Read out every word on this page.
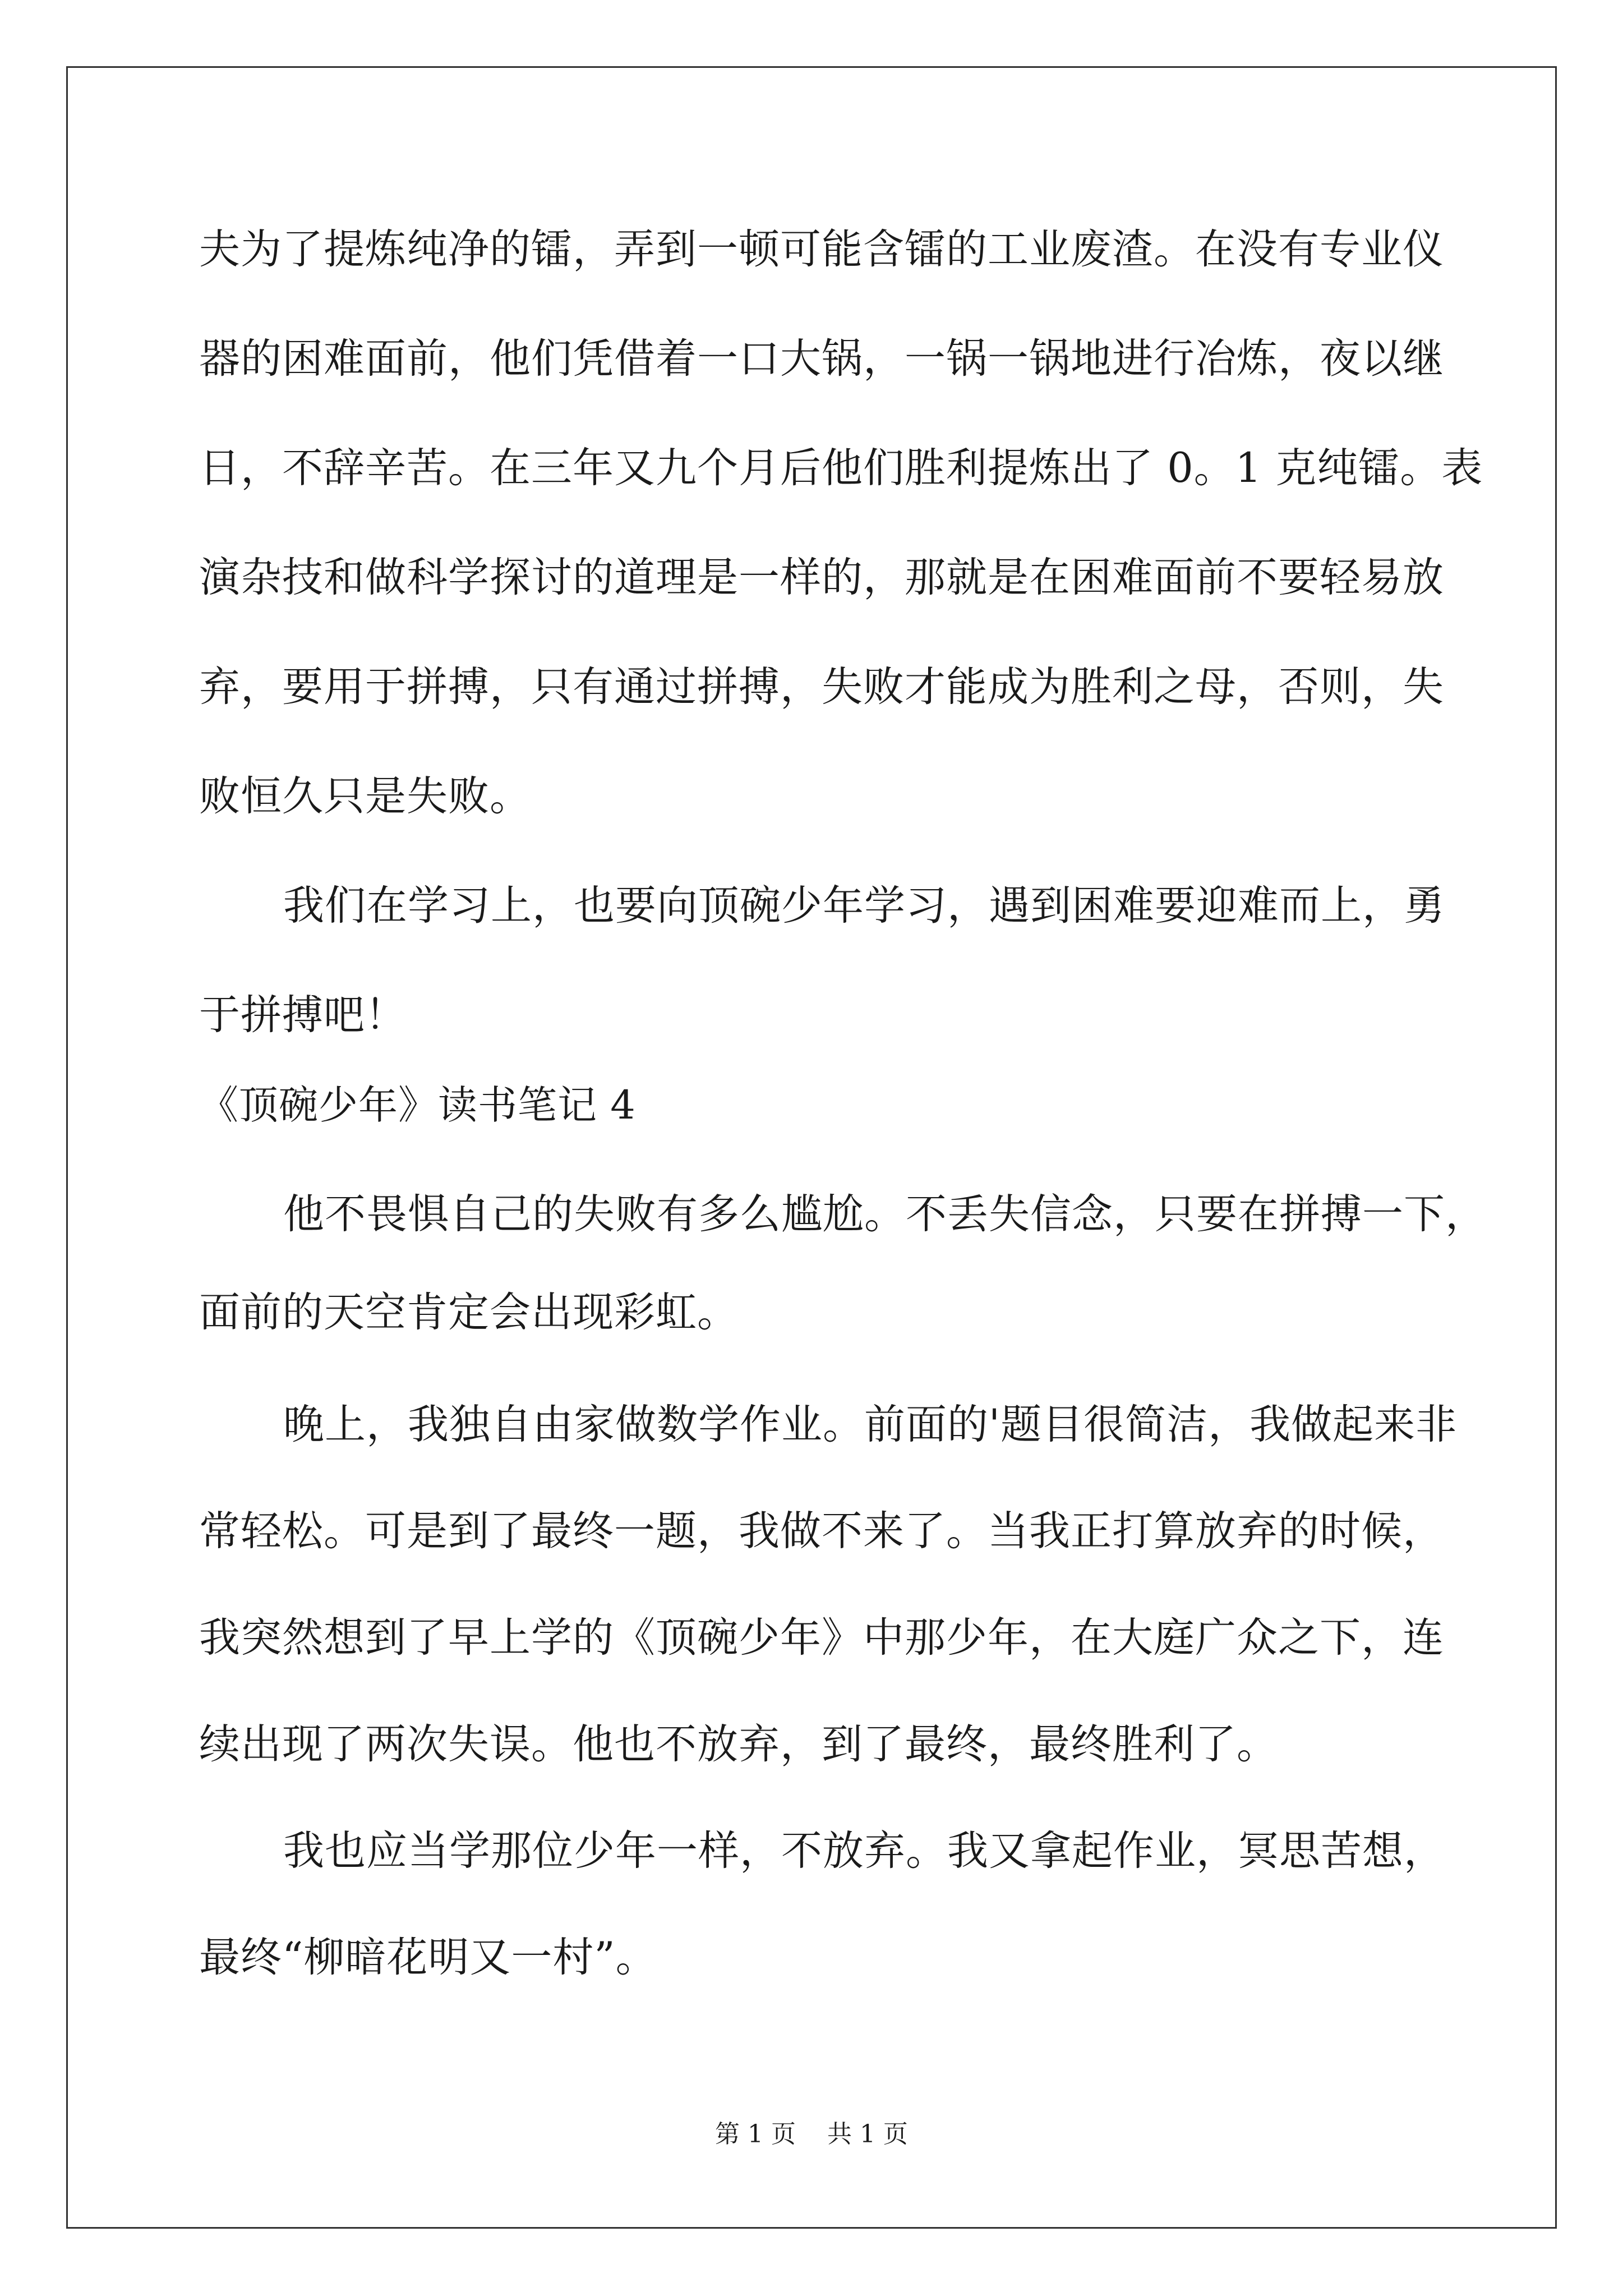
夫为了提炼纯净的镭，弄到一顿可能含镭的工业废渣。在没有专业仪
器的困难面前，他们凭借着一口大锅，一锅一锅地进行冶炼，夜以继
日，不辞辛苦。在三年又九个月后他们胜利提炼出了 0。1 克纯镭。表
演杂技和做科学探讨的道理是一样的，那就是在困难面前不要轻易放
弃，要用于拼搏，只有通过拼搏，失败才能成为胜利之母，否则，失
败恒久只是失败。
我们在学习上，也要向顶碗少年学习，遇到困难要迎难而上，勇
于拼搏吧！
《顶碗少年》读书笔记 4
他不畏惧自己的失败有多么尴尬。不丢失信念，只要在拼搏一下，
面前的天空肯定会出现彩虹。
晚上，我独自由家做数学作业。前面的'题目很简洁，我做起来非
常轻松。可是到了最终一题，我做不来了。当我正打算放弃的时候，
我突然想到了早上学的《顶碗少年》中那少年，在大庭广众之下，连
续出现了两次失误。他也不放弃，到了最终，最终胜利了。
我也应当学那位少年一样，不放弃。我又拿起作业，冥思苦想，
最终“柳暗花明又一村”。
第 1 页    共 1 页
